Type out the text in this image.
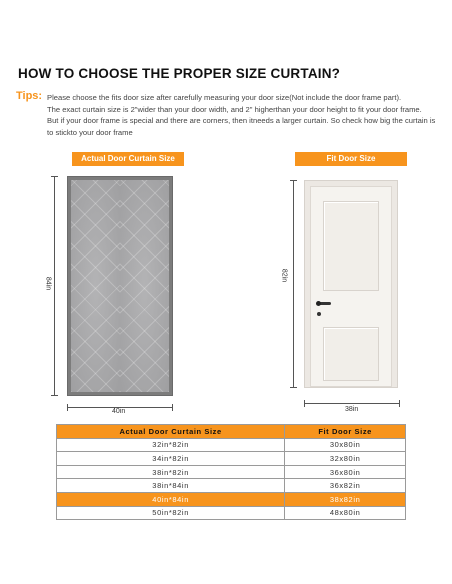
HOW TO CHOOSE THE PROPER SIZE CURTAIN?
Tips: Please choose the fits door size after carefully measuring your door size(Not include the door frame part).

The exact curtain size is 2"wider than your door width, and 2" higherthan your door height to fit your door frame.

But if your door frame is special and there are corners, then itneeds a larger curtain. So check how big the curtain is to stickto your door frame

Actual Door Curtain Size
84in
40in
Fit Door Size
82in
38in
Actual Door Curtain Size	Fit Door Size
32in*82in	30x80in
34in*82in	32x80in
38in*82in	36x80in
38in*84in	36x82in
40in*84in	38x82in
50in*82in	48x80in
